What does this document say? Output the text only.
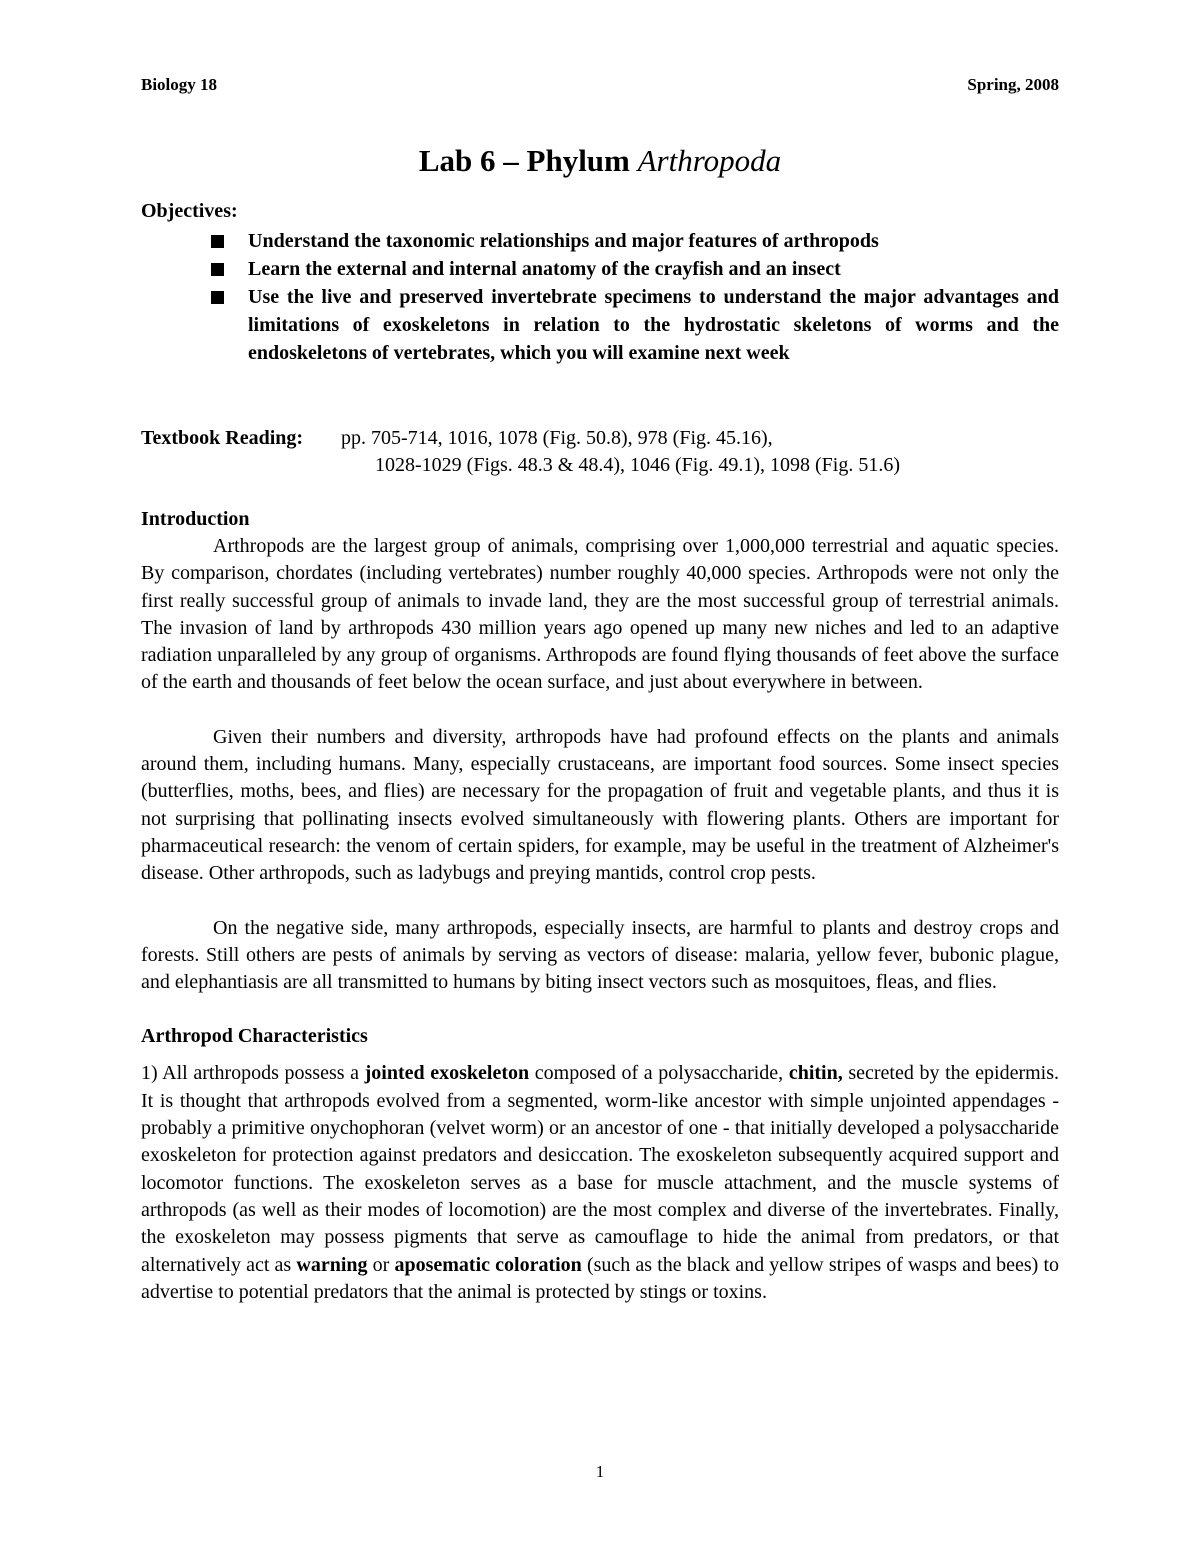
Biology 18	Spring, 2008
Lab 6 – Phylum Arthropoda
Objectives:
Understand the taxonomic relationships and major features of arthropods
Learn the external and internal anatomy of the crayfish and an insect
Use the live and preserved invertebrate specimens to understand the major advantages and limitations of exoskeletons in relation to the hydrostatic skeletons of worms and the endoskeletons of vertebrates, which you will examine next week
Textbook Reading:	pp. 705-714, 1016, 1078 (Fig. 50.8), 978 (Fig. 45.16),
1028-1029 (Figs. 48.3 & 48.4), 1046 (Fig. 49.1), 1098 (Fig. 51.6)
Introduction

Arthropods are the largest group of animals, comprising over 1,000,000 terrestrial and aquatic species. By comparison, chordates (including vertebrates) number roughly 40,000 species. Arthropods were not only the first really successful group of animals to invade land, they are the most successful group of terrestrial animals. The invasion of land by arthropods 430 million years ago opened up many new niches and led to an adaptive radiation unparalleled by any group of organisms. Arthropods are found flying thousands of feet above the surface of the earth and thousands of feet below the ocean surface, and just about everywhere in between.

Given their numbers and diversity, arthropods have had profound effects on the plants and animals around them, including humans. Many, especially crustaceans, are important food sources. Some insect species (butterflies, moths, bees, and flies) are necessary for the propagation of fruit and vegetable plants, and thus it is not surprising that pollinating insects evolved simultaneously with flowering plants. Others are important for pharmaceutical research: the venom of certain spiders, for example, may be useful in the treatment of Alzheimer's disease. Other arthropods, such as ladybugs and preying mantids, control crop pests.

On the negative side, many arthropods, especially insects, are harmful to plants and destroy crops and forests. Still others are pests of animals by serving as vectors of disease: malaria, yellow fever, bubonic plague, and elephantiasis are all transmitted to humans by biting insect vectors such as mosquitoes, fleas, and flies.

Arthropod Characteristics

1) All arthropods possess a jointed exoskeleton composed of a polysaccharide, chitin, secreted by the epidermis. It is thought that arthropods evolved from a segmented, worm-like ancestor with simple unjointed appendages - probably a primitive onychophoran (velvet worm) or an ancestor of one - that initially developed a polysaccharide exoskeleton for protection against predators and desiccation. The exoskeleton subsequently acquired support and locomotor functions. The exoskeleton serves as a base for muscle attachment, and the muscle systems of arthropods (as well as their modes of locomotion) are the most complex and diverse of the invertebrates. Finally, the exoskeleton may possess pigments that serve as camouflage to hide the animal from predators, or that alternatively act as warning or aposematic coloration (such as the black and yellow stripes of wasps and bees) to advertise to potential predators that the animal is protected by stings or toxins.

1
